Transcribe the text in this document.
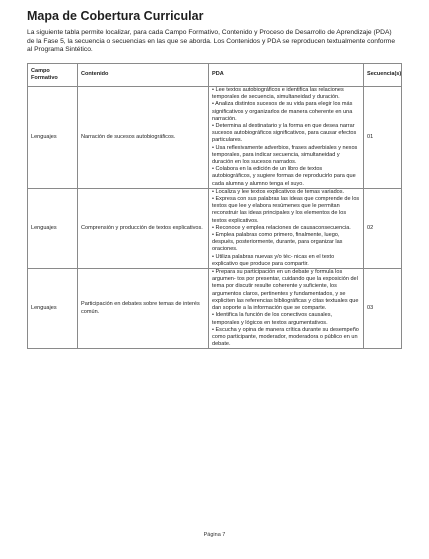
Mapa de Cobertura Curricular
La siguiente tabla permite localizar, para cada Campo Formativo, Contenido y Proceso de Desarrollo de Aprendizaje (PDA) de la Fase 5, la secuencia o secuencias en las que se aborda. Los Contenidos y PDA se reproducen textualmente conforme al Programa Sintético.
Campo Formativo	Contenido	PDA	Secuencia(s)
Lenguajes	Narración de sucesos autobiográficos.	• Lee textos autobiográficos e identifica las relaciones temporales de secuencia, simultaneidad y duración.
• Analiza distintos sucesos de su vida para elegir los más significativos y organizarlos de manera coherente en una narración.
• Determina al destinatario y la forma en que desea narrar sucesos autobiográficos significativos, para causar efectos particulares.
• Usa reflexivamente adverbios, frases adverbiales y nexos temporales, para indicar secuencia, simultaneidad y duración en los sucesos narrados.
• Colabora en la edición de un libro de textos autobiográficos, y sugiere formas de reproducirlo para que cada alumna y alumno tenga el suyo.	01
Lenguajes	Comprensión y producción de textos explicativos.	• Localiza y lee textos explicativos de temas variados.
• Expresa con sus palabras las ideas que comprende de los textos que lee y elabora resúmenes que le permitan reconstruir las ideas principales y los elementos de los textos explicativos.
• Reconoce y emplea relaciones de causaconsecuencia.
• Emplea palabras como primero, finalmente, luego, después, posteriormente, durante, para organizar las oraciones.
• Utiliza palabras nuevas y/o téc- nicas en el texto explicativo que produce para compartir.	02
Lenguajes	Participación en debates sobre temas de interés común.	• Prepara su participación en un debate y formula los argumen- tos por presentar, cuidando que la exposición del tema por discutir resulte coherente y suficiente, los argumentos claros, pertinentes y fundamentados, y se expliciten las referencias bibliográficas y citas textuales que dan soporte a la información que se comparte.
• Identifica la función de los conectivos causales, temporales y lógicos en textos argumentativos.
• Escucha y opina de manera crítica durante su desempeño como participante, moderador, moderadora o público en un debate.	03
Página 7
